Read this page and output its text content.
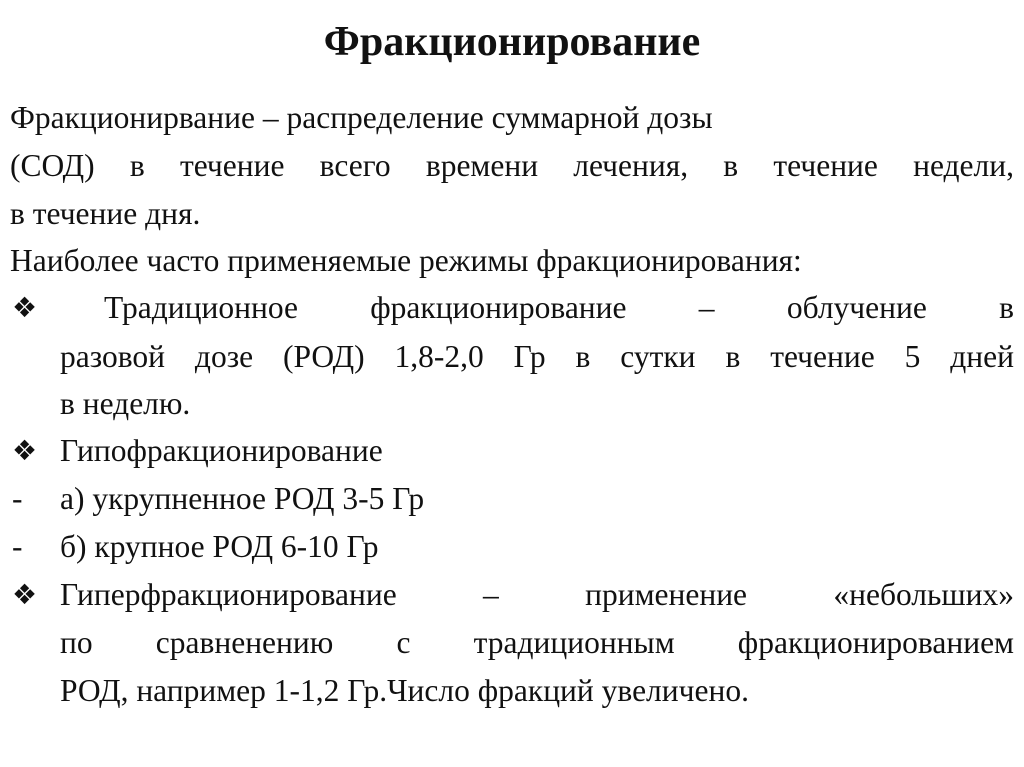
Фракционирование
Фракционирвание – распределение суммарной дозы
(СОД) в течение всего времени лечения, в течение недели,
в течение дня.
Наиболее часто применяемые режимы фракционирования:
❖	Традиционное фракционирование – облучение в
разовой дозе (РОД) 1,8-2,0 Гр в сутки в течение 5 дней
в неделю.
❖ Гипофракционирование
- а) укрупненное РОД 3-5 Гр
- б) крупное РОД 6-10 Гр
❖ Гиперфракционирование – применение «небольших»
по сравненению с традиционным фракционированием
РОД, например 1-1,2 Гр.Число фракций увеличено.
